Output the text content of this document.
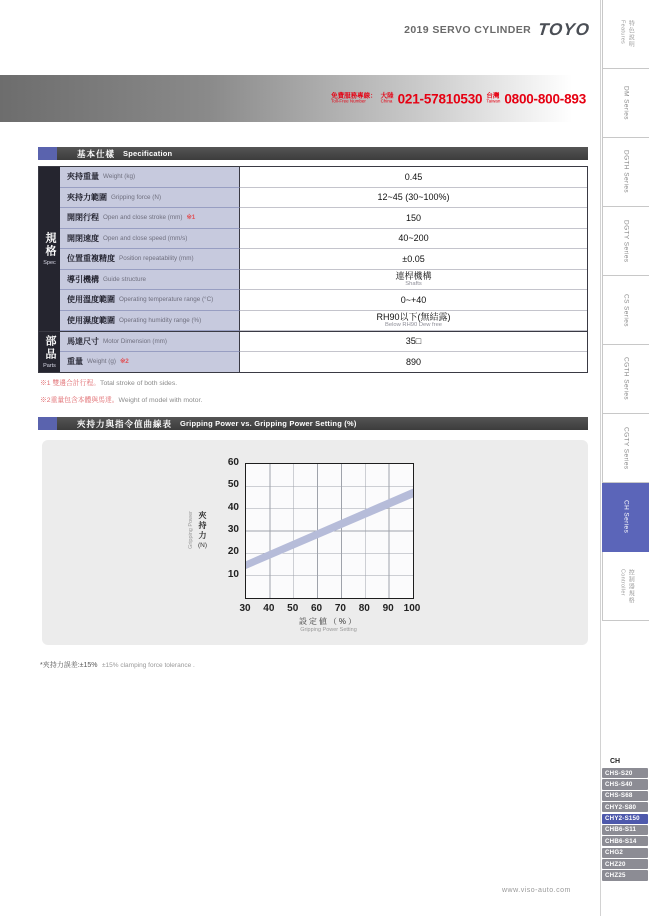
2019 SERVO CYLINDER TOYO
免費服務專線：
Toll-Free Number
大陸
China 021-57810530 台灣
Taiwan 0800-800-893
基本仕樣 Specification
規格
Spec
部品
Parts
夾持重量 Weight (kg)	0.45
夾持力範圍 Gripping force (N)	12~45 (30~100%)
開閉行程 Open and close stroke (mm) ※1	150
開閉速度 Open and close speed (mm/s)	40~200
位置重複精度 Position repeatability (mm)	±0.05
導引機構 Guide structure	連桿機構
Shafts
使用溫度範圍 Operating temperature range (°C)	0~+40
使用濕度範圍 Operating humidity range (%)	RH90以下(無結露)
Below RH90 Dew free
馬達尺寸 Motor Dimension (mm)	35□
重量 Weight (g) ※2	890
※1 雙邊合計行程。Total stroke of both sides.
※2重量包含本體與馬達。Weight of model with motor.
夾持力與指令值曲線表 Gripping Power vs. Gripping Power Setting (%)
30	40	50	60	70	80	90 100
10
20
30
40
50
60
設定値（%）
Gripping Power Setting
Gripping Power 夾持力
(N)
*夾持力誤差:±15% ±15% clamping force tolerance .
特色說明
Features
DM Series
DGTH Series
DGTY Series
CS Series
CGTH Series
CGTY Series
CH Series
控制器規格
Controller
CH
CHS-S20
CHS-S40
CHS-S68
CHY2-S80
CHY2-S150
CHB6-S11
CHB6-S14
CHG2
CHZ20
CHZ25
www.viso-auto.com
